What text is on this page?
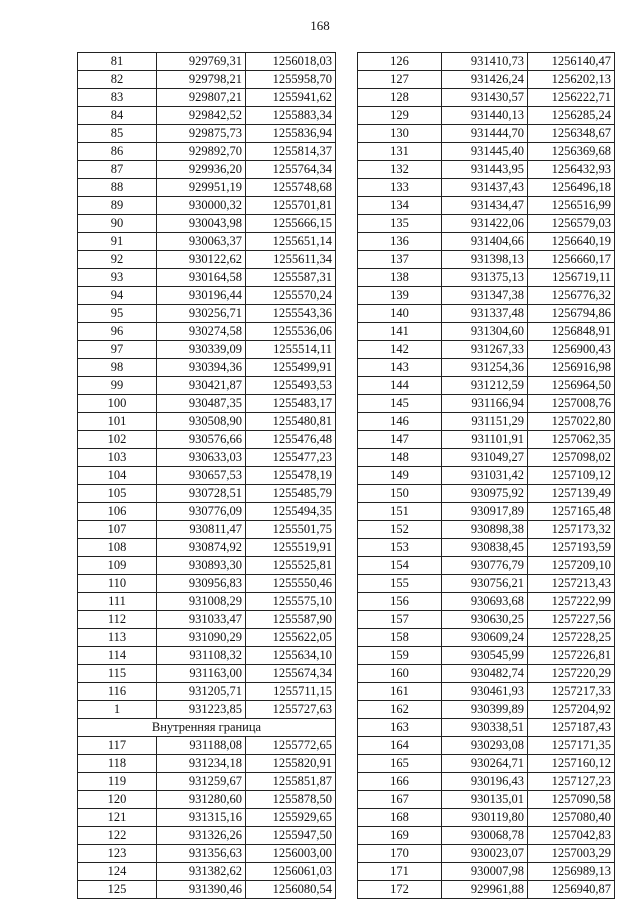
168
81	929769,31	1256018,03
82	929798,21	1255958,70
83	929807,21	1255941,62
84	929842,52	1255883,34
85	929875,73	1255836,94
86	929892,70	1255814,37
87	929936,20	1255764,34
88	929951,19	1255748,68
89	930000,32	1255701,81
90	930043,98	1255666,15
91	930063,37	1255651,14
92	930122,62	1255611,34
93	930164,58	1255587,31
94	930196,44	1255570,24
95	930256,71	1255543,36
96	930274,58	1255536,06
97	930339,09	1255514,11
98	930394,36	1255499,91
99	930421,87	1255493,53
100	930487,35	1255483,17
101	930508,90	1255480,81
102	930576,66	1255476,48
103	930633,03	1255477,23
104	930657,53	1255478,19
105	930728,51	1255485,79
106	930776,09	1255494,35
107	930811,47	1255501,75
108	930874,92	1255519,91
109	930893,30	1255525,81
110	930956,83	1255550,46
111	931008,29	1255575,10
112	931033,47	1255587,90
113	931090,29	1255622,05
114	931108,32	1255634,10
115	931163,00	1255674,34
116	931205,71	1255711,15
1	931223,85	1255727,63
Внутренняя граница		
117	931188,08	1255772,65
118	931234,18	1255820,91
119	931259,67	1255851,87
120	931280,60	1255878,50
121	931315,16	1255929,65
122	931326,26	1255947,50
123	931356,63	1256003,00
124	931382,62	1256061,03
125	931390,46	1256080,54
126	931410,73	1256140,47
127	931426,24	1256202,13
128	931430,57	1256222,71
129	931440,13	1256285,24
130	931444,70	1256348,67
131	931445,40	1256369,68
132	931443,95	1256432,93
133	931437,43	1256496,18
134	931434,47	1256516,99
135	931422,06	1256579,03
136	931404,66	1256640,19
137	931398,13	1256660,17
138	931375,13	1256719,11
139	931347,38	1256776,32
140	931337,48	1256794,86
141	931304,60	1256848,91
142	931267,33	1256900,43
143	931254,36	1256916,98
144	931212,59	1256964,50
145	931166,94	1257008,76
146	931151,29	1257022,80
147	931101,91	1257062,35
148	931049,27	1257098,02
149	931031,42	1257109,12
150	930975,92	1257139,49
151	930917,89	1257165,48
152	930898,38	1257173,32
153	930838,45	1257193,59
154	930776,79	1257209,10
155	930756,21	1257213,43
156	930693,68	1257222,99
157	930630,25	1257227,56
158	930609,24	1257228,25
159	930545,99	1257226,81
160	930482,74	1257220,29
161	930461,93	1257217,33
162	930399,89	1257204,92
163	930338,51	1257187,43
164	930293,08	1257171,35
165	930264,71	1257160,12
166	930196,43	1257127,23
167	930135,01	1257090,58
168	930119,80	1257080,40
169	930068,78	1257042,83
170	930023,07	1257003,29
171	930007,98	1256989,13
172	929961,88	1256940,87
